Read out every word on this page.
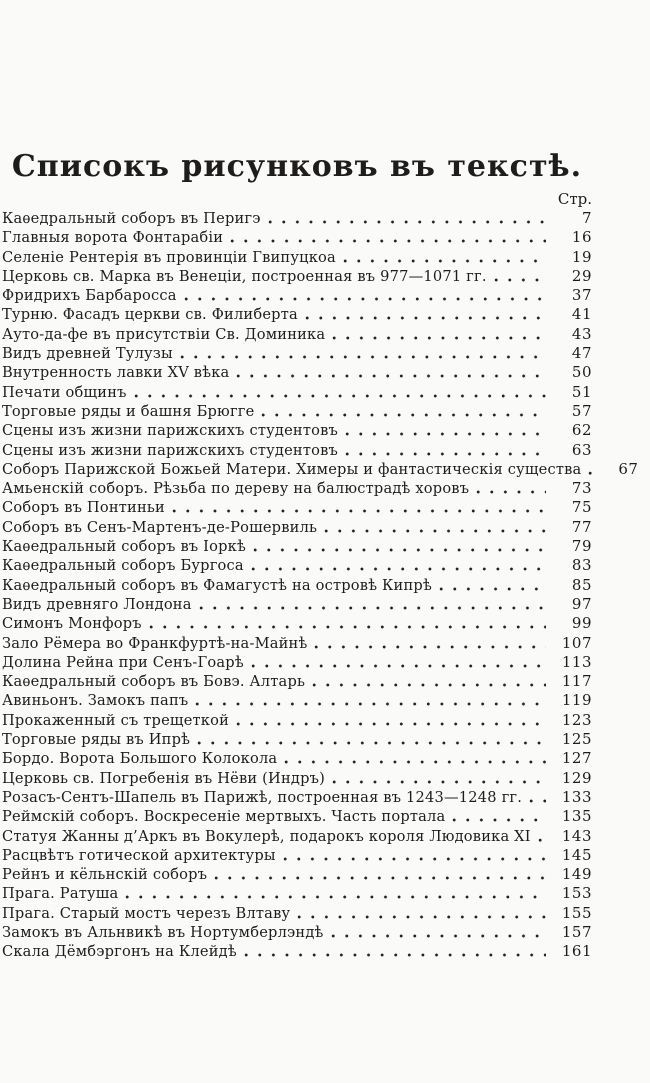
Списокъ рисунковъ въ текстѣ.
Стр.
Каѳедральный соборъ въ Перигэ	7
Главныя ворота Фонтарабіи	16
Селеніе Рентерія въ провинціи Гвипуцкоа	19
Церковь св. Марка въ Венеціи, построенная въ 977—1071 гг.	29
Фридрихъ Барбаросса	37
Турню. Фасадъ церкви св. Филиберта	41
Ауто-да-фе въ присутствіи Св. Доминика	43
Видъ древней Тулузы	47
Внутренность лавки XV вѣка	50
Печати общинъ	51
Торговые ряды и башня Брюгге	57
Сцены изъ жизни парижскихъ студентовъ	62
Сцены изъ жизни парижскихъ студентовъ	63
Соборъ Парижской Божьей Матери. Химеры и фантастическія существа	67
Амьенскій соборъ. Рѣзьба по дереву на балюстрадѣ хоровъ	73
Соборъ въ Понтиньи	75
Соборъ въ Сенъ-Мартенъ-де-Рошервиль	77
Каѳедральный соборъ въ Іоркѣ	79
Каѳедральный соборъ Бургоса	83
Каѳедральный соборъ въ Фамагустѣ на островѣ Кипрѣ	85
Видъ древняго Лондона	97
Симонъ Монфоръ	99
Зало Рёмера во Франкфуртѣ-на-Майнѣ	107
Долина Рейна при Сенъ-Гоарѣ	113
Каѳедральный соборъ въ Бовэ. Алтарь	117
Авиньонъ. Замокъ папъ	119
Прокаженный съ трещеткой	123
Торговые ряды въ Ипрѣ	125
Бордо. Ворота Большого Колокола	127
Церковь св. Погребенія въ Нёви (Индръ)	129
Розасъ-Сентъ-Шапель въ Парижѣ, построенная въ 1243—1248 гг.	133
Реймскій соборъ. Воскресеніе мертвыхъ. Часть портала	135
Статуя Жанны д’Аркъ въ Вокулерѣ, подарокъ короля Людовика XI	143
Расцвѣтъ готической архитектуры	145
Рейнъ и кёльнскій соборъ	149
Прага. Ратуша	153
Прага. Старый мостъ черезъ Влтаву	155
Замокъ въ Альнвикѣ въ Нортумберлэндѣ	157
Скала Дёмбэргонъ на Клейдѣ	161
